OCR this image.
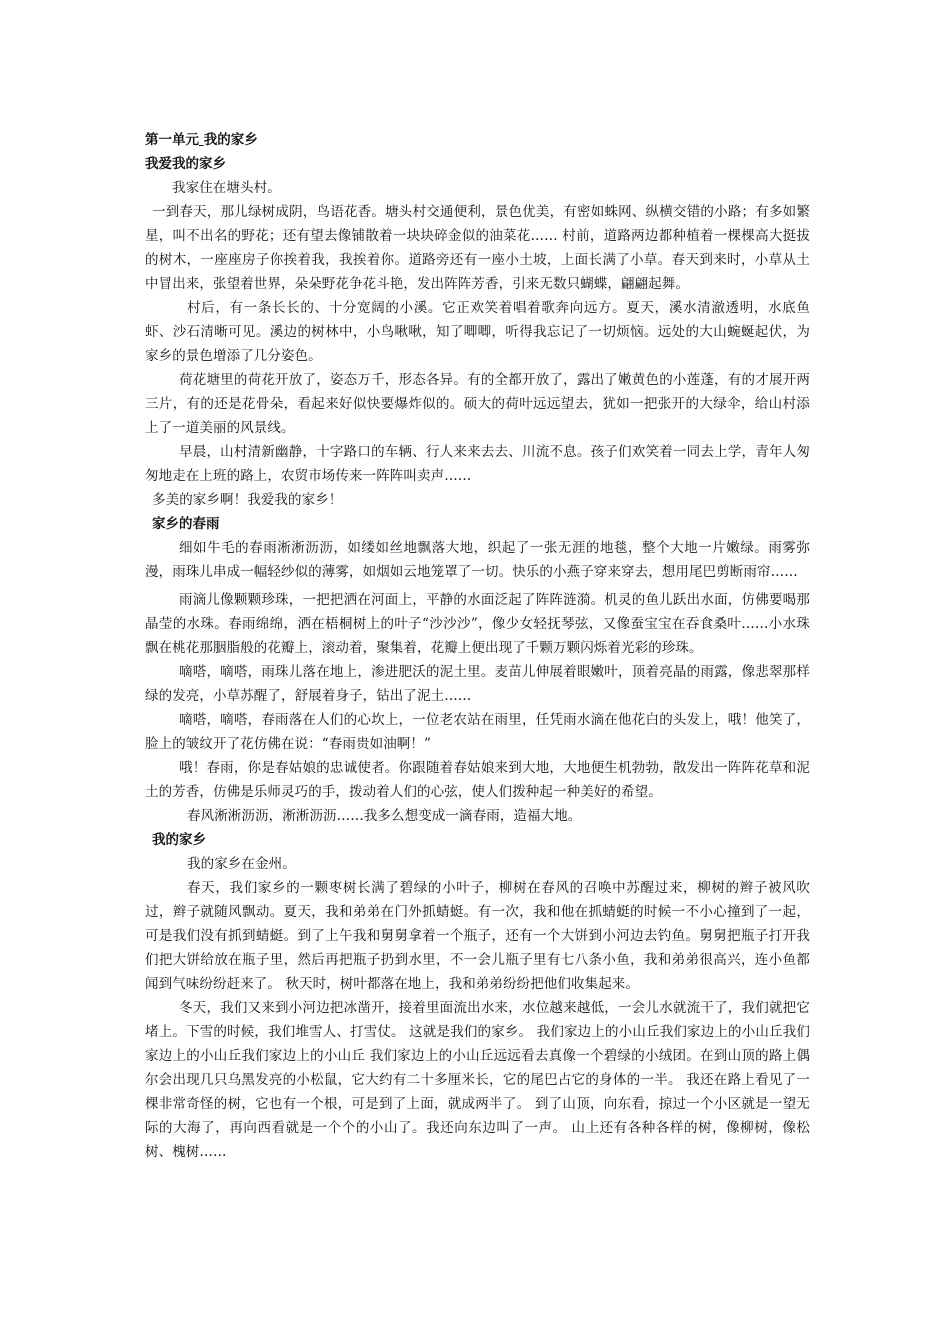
第一单元 我的家乡

我爱我的家乡

我家住在塘头村。

一到春天，那儿绿树成阴，鸟语花香。塘头村交通便利，景色优美，有密如蛛网、纵横交错的小路；有多如繁星，叫不出名的野花；还有望去像铺散着一块块碎金似的油菜花…… 村前，道路两边都种植着一棵棵高大挺拔的树木，一座座房子你挨着我，我挨着你。道路旁还有一座小土坡，上面长满了小草。春天到来时，小草从土中冒出来，张望着世界，朵朵野花争花斗艳，发出阵阵芳香，引来无数只蝴蝶，翩翩起舞。

村后，有一条长长的、十分宽阔的小溪。它正欢笑着唱着歌奔向远方。夏天，溪水清澈透明，水底鱼虾、沙石清晰可见。溪边的树林中，小鸟啾啾，知了唧唧，听得我忘记了一切烦恼。远处的大山蜿蜒起伏，为家乡的景色增添了几分姿色。

荷花塘里的荷花开放了，姿态万千，形态各异。有的全都开放了，露出了嫩黄色的小莲蓬，有的才展开两三片，有的还是花骨朵，看起来好似快要爆炸似的。硕大的荷叶远远望去，犹如一把张开的大绿伞，给山村添上了一道美丽的风景线。

早晨，山村清新幽静，十字路口的车辆、行人来来去去、川流不息。孩子们欢笑着一同去上学，青年人匆匆地走在上班的路上，农贸市场传来一阵阵叫卖声……

多美的家乡啊！我爱我的家乡！

家乡的春雨

细如牛毛的春雨淅淅沥沥，如缕如丝地飘落大地，织起了一张无涯的地毯，整个大地一片嫩绿。雨雾弥漫，雨珠儿串成一幅轻纱似的薄雾，如烟如云地笼罩了一切。快乐的小燕子穿来穿去，想用尾巴剪断雨帘……

雨滴儿像颗颗珍珠，一把把洒在河面上，平静的水面泛起了阵阵涟漪。机灵的鱼儿跃出水面，仿佛要喝那晶莹的水珠。春雨绵绵，洒在梧桐树上的叶子“沙沙沙”，像少女轻抚琴弦，又像蚕宝宝在吞食桑叶……小水珠飘在桃花那胭脂般的花瓣上，滚动着，聚集着，花瓣上便出现了千颗万颗闪烁着光彩的珍珠。

嘀嗒，嘀嗒，雨珠儿落在地上，渗进肥沃的泥土里。麦苗儿伸展着眼嫩叶，顶着亮晶的雨露，像悲翠那样绿的发亮，小草苏醒了，舒展着身子，钻出了泥土……

嘀嗒，嘀嗒，春雨落在人们的心坎上，一位老农站在雨里，任凭雨水滴在他花白的头发上，哦！他笑了，脸上的皱纹开了花仿佛在说：“春雨贵如油啊！”

哦！春雨，你是春姑娘的忠诚使者。你跟随着春姑娘来到大地，大地便生机勃勃，散发出一阵阵花草和泥土的芳香，仿佛是乐师灵巧的手，拨动着人们的心弦，使人们拨种起一种美好的希望。

春风淅淅沥沥，淅淅沥沥……我多么想变成一滴春雨，造福大地。

我的家乡

我的家乡在金州。

春天，我们家乡的一颗枣树长满了碧绿的小叶子，柳树在春风的召唤中苏醒过来，柳树的辫子被风吹过，辫子就随风飘动。夏天，我和弟弟在门外抓蜻蜓。有一次，我和他在抓蜻蜓的时候一不小心撞到了一起，可是我们没有抓到蜻蜓。到了上午我和舅舅拿着一个瓶子，还有一个大饼到小河边去钓鱼。舅舅把瓶子打开我们把大饼给放在瓶子里，然后再把瓶子扔到水里，不一会儿瓶子里有七八条小鱼，我和弟弟很高兴，连小鱼都闻到气味纷纷赶来了。 秋天时，树叶都落在地上，我和弟弟纷纷把他们收集起来。

冬天，我们又来到小河边把冰凿开，接着里面流出水来，水位越来越低，一会儿水就流干了，我们就把它堵上。下雪的时候，我们堆雪人、打雪仗。 这就是我们的家乡。 我们家边上的小山丘我们家边上的小山丘我们家边上的小山丘我们家边上的小山丘 我们家边上的小山丘远远看去真像一个碧绿的小绒团。在到山顶的路上偶尔会出现几只乌黑发亮的小松鼠，它大约有二十多厘米长，它的尾巴占它的身体的一半。 我还在路上看见了一棵非常奇怪的树，它也有一个根，可是到了上面，就成两半了。 到了山顶，向东看，掠过一个小区就是一望无际的大海了，再向西看就是一个个的小山了。我还向东边叫了一声。 山上还有各种各样的树，像柳树，像松树、槐树……
